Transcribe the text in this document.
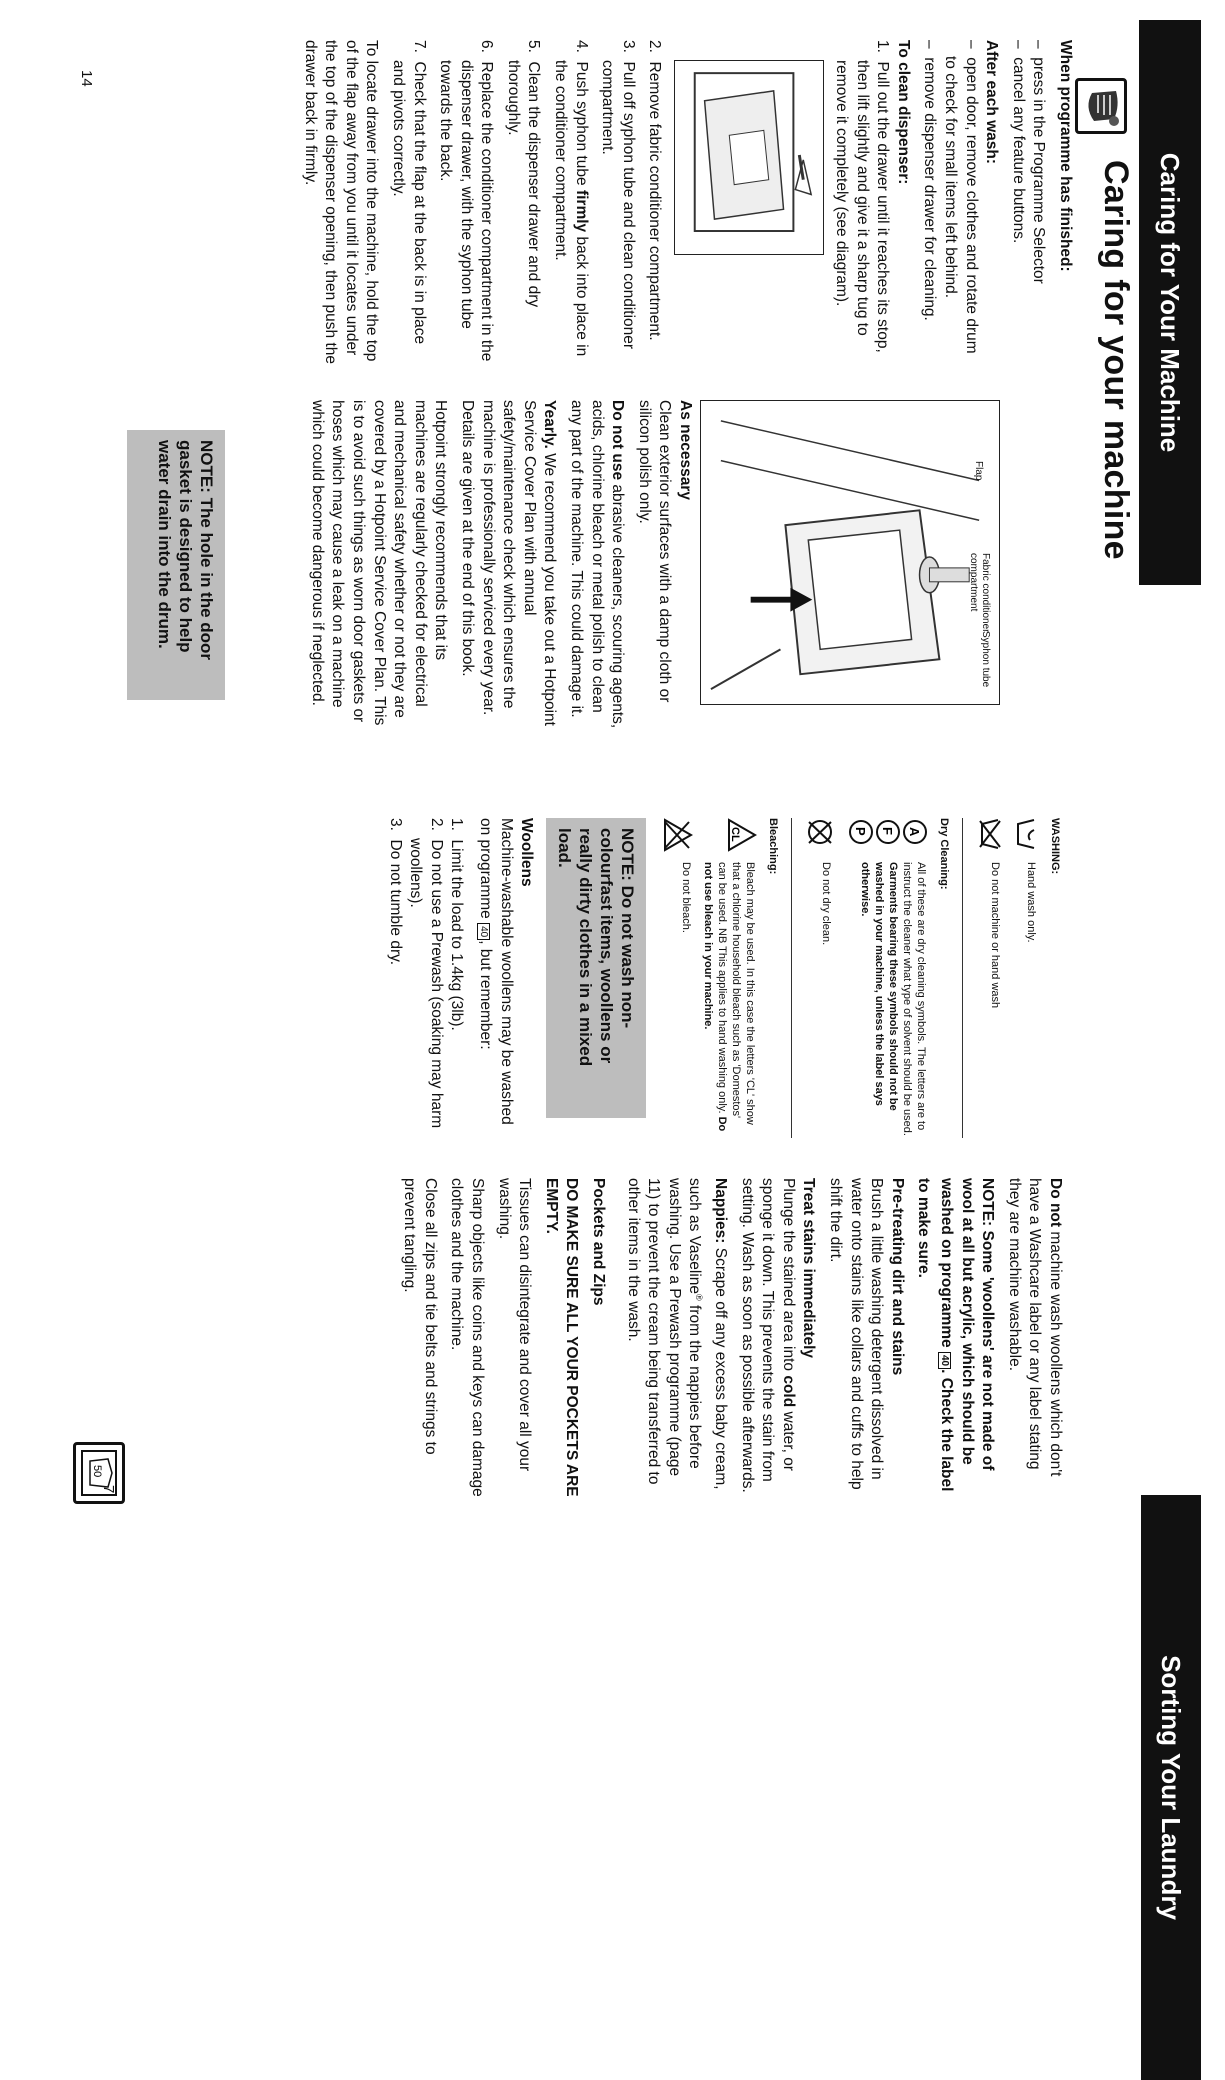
Caring for Your Machine
Caring for your machine

When programme has finished:

–  press in the Programme Selector

–  cancel any feature buttons.

After each wash:

–  open door, remove clothes and rotate drum to check for small items left behind.

–  remove dispenser drawer for cleaning.

To clean dispenser:

1.  Pull out the drawer until it reaches its stop, then lift slightly and give it a sharp tug to remove it completely (see diagram).

2.  Remove fabric conditioner compartment.

3.  Pull off syphon tube and clean conditioner compartment.

4.  Push syphon tube firmly back into place in the conditioner compartment.

5.  Clean the dispenser drawer and dry thoroughly.

6.  Replace the conditioner compartment in the dispenser drawer, with the syphon tube towards the back.

7.  Check that the flap at the back is in place and pivots correctly.

To locate drawer into the machine, hold the top of the flap away from you until it locates under the top of the dispenser opening, then push the drawer back in firmly.

Syphon tube
Fabric conditioner compartment
Flap

As necessary

Clean exterior surfaces with a damp cloth or silicon polish only.

Do not use abrasive cleaners, scouring agents, acids, chlorine bleach or metal polish to clean any part of the machine. This could damage it.

Yearly. We recommend you take out a Hotpoint Service Cover Plan with annual safety/maintenance check which ensures the machine is professionally serviced every year. Details are given at the end of this book.

Hotpoint strongly recommends that its machines are regularly checked for electrical and mechanical safety whether or not they are covered by a Hotpoint Service Cover Plan. This is to avoid such things as worn door gaskets or hoses which may cause a leak on a machine which could become dangerous if neglected.

NOTE: The hole in the door gasket is designed to help water drain into the drum.
14

WASHING:

Hand wash only.
Do not machine or hand wash

Dry Cleaning:

A
F
P
All of these are dry cleaning symbols. The letters are to instruct the cleaner what type of solvent should be used. Garments bearing these symbols should not be washed in your machine, unless the label says otherwise.
Do not dry clean.

Bleaching:

CL
Bleach may be used. In this case the letters 'CL' show that a chlorine household bleach such as 'Domestos' can be used. NB This applies to hand washing only. Do not use bleach in your machine.
Do not bleach.
NOTE: Do not wash non-colourfast items, woollens or really dirty clothes in a mixed load.

Woollens

Machine-washable woollens may be washed on programme 40, but remember:

1.  Limit the load to 1.4kg (3lb).

2.  Do not use a Prewash (soaking may harm woollens).

3.  Do not tumble dry.

Do not machine wash woollens which don't have a Washcare label or any label stating they are machine washable.

NOTE: Some 'woollens' are not made of wool at all but acrylic, which should be washed on programme 40. Check the label to make sure.

Pre-treating dirt and stains

Brush a little washing detergent dissolved in water onto stains like collars and cuffs to help shift the dirt.

Treat stains immediately

Plunge the stained area into cold water, or sponge it down. This prevents the stain from setting. Wash as soon as possible afterwards.

Nappies: Scrape off any excess baby cream, such as Vaseline® from the nappies before washing. Use a Prewash programme (page 11) to prevent the cream being transferred to other items in the wash.

Pockets and Zips

DO MAKE SURE ALL YOUR POCKETS ARE EMPTY.

Tissues can disintegrate and cover all your washing.

Sharp objects like coins and keys can damage clothes and the machine.

Close all zips and tie belts and strings to prevent tangling.

50
Sorting Your Laundry
7
